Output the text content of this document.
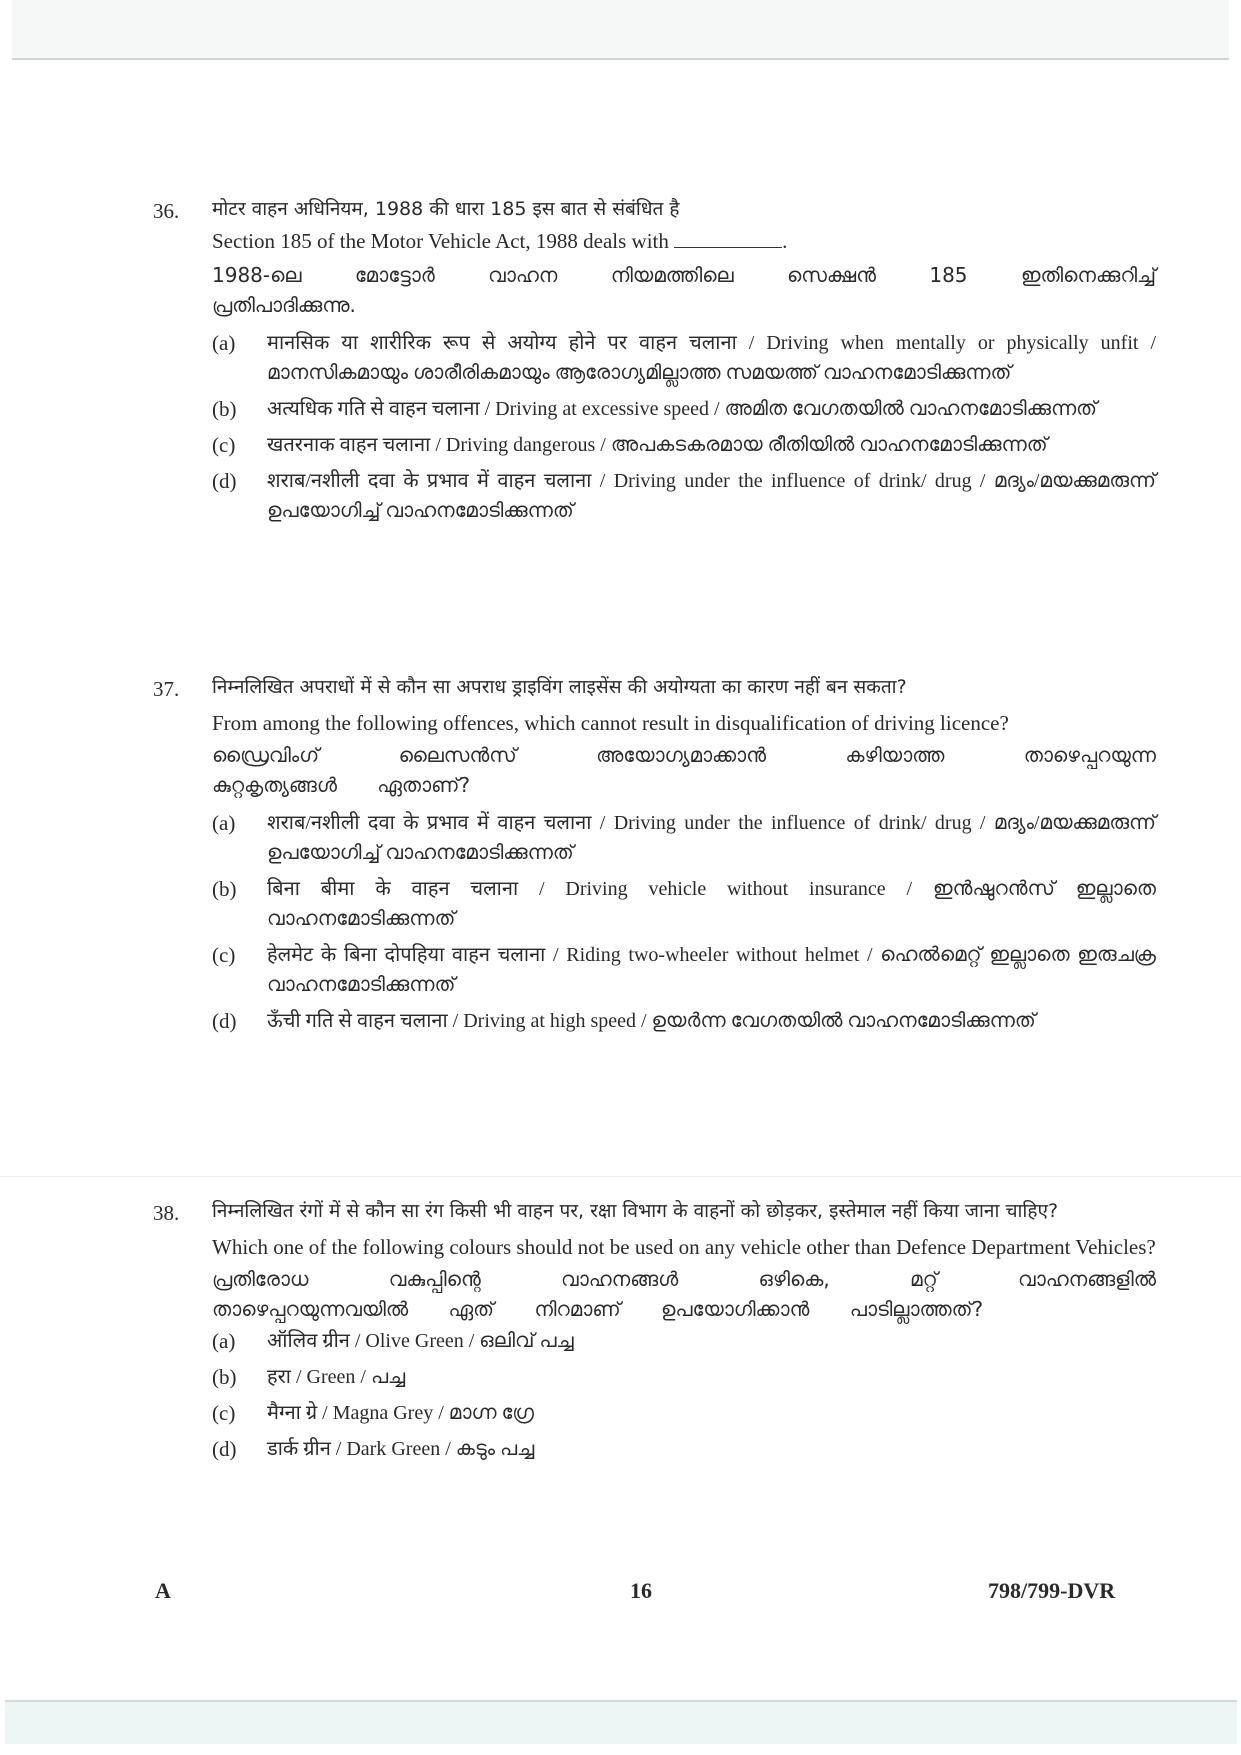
36. मोटर वाहन अधिनियम, 1988 की धारा 185 इस बात से संबंधित है

Section 185 of the Motor Vehicle Act, 1988 deals with	.

1988-ലെ മോട്ടോർ വാഹന നിയമത്തിലെ സെക്ഷൻ 185 ഇതിനെക്കുറിച്ച് പ്രതിപാദിക്കുന്നു.

(a) मानसिक या शारीरिक रूप से अयोग्य होने पर वाहन चलाना / Driving when mentally or physically unfit / മാനസികമായും ശാരീരികമായും ആരോഗ്യമില്ലാത്ത സമയത്ത് വാഹനമോടിക്കുന്നത്
(b) अत्यधिक गति से वाहन चलाना / Driving at excessive speed / അമിത വേഗതയിൽ വാഹനമോടിക്കുന്നത്
(c) खतरनाक वाहन चलाना / Driving dangerous / അപകടകരമായ രീതിയിൽ വാഹനമോടിക്കുന്നത്
(d) शराब/नशीली दवा के प्रभाव में वाहन चलाना / Driving under the influence of drink/ drug / മദ്യം/മയക്കുമരുന്ന് ഉപയോഗിച്ച് വാഹനമോടിക്കുന്നത്
37. निम्नलिखित अपराधों में से कौन सा अपराध ड्राइविंग लाइसेंस की अयोग्यता का कारण नहीं बन सकता?

From among the following offences, which cannot result in disqualification of driving licence?

ഡ്രൈവിംഗ് ലൈസൻസ് അയോഗ്യമാക്കാൻ കഴിയാത്ത താഴെപ്പറയുന്ന കുറ്റകൃത്യങ്ങൾ ഏതാണ്?

(a) शराब/नशीली दवा के प्रभाव में वाहन चलाना / Driving under the influence of drink/ drug / മദ്യം/മയക്കുമരുന്ന് ഉപയോഗിച്ച് വാഹനമോടിക്കുന്നത്
(b) बिना बीमा के वाहन चलाना / Driving vehicle without insurance / ഇൻഷുറൻസ് ഇല്ലാതെ വാഹനമോടിക്കുന്നത്
(c) हेलमेट के बिना दोपहिया वाहन चलाना / Riding two-wheeler without helmet / ഹെൽമെറ്റ് ഇല്ലാതെ ഇരുചക്ര വാഹനമോടിക്കുന്നത്
(d) ऊँची गति से वाहन चलाना / Driving at high speed / ഉയർന്ന വേഗതയിൽ വാഹനമോടിക്കുന്നത്
38. निम्नलिखित रंगों में से कौन सा रंग किसी भी वाहन पर, रक्षा विभाग के वाहनों को छोड़कर, इस्तेमाल नहीं किया जाना चाहिए?

Which one of the following colours should not be used on any vehicle other than Defence Department Vehicles?

പ്രതിരോധ വകുപ്പിന്റെ വാഹനങ്ങൾ ഒഴികെ, മറ്റ് വാഹനങ്ങളിൽ താഴെപ്പറയുന്നവയിൽ ഏത് നിറമാണ് ഉപയോഗിക്കാൻ പാടില്ലാത്തത്?

(a) ऑलिव ग्रीन / Olive Green / ഒലിവ് പച്ച
(b) हरा / Green / പച്ച
(c) मैग्ना ग्रे / Magna Grey / മാഗ്ന ഗ്രേ
(d) डार्क ग्रीन / Dark Green / കടും പച്ച
A	16	798/799-DVR
